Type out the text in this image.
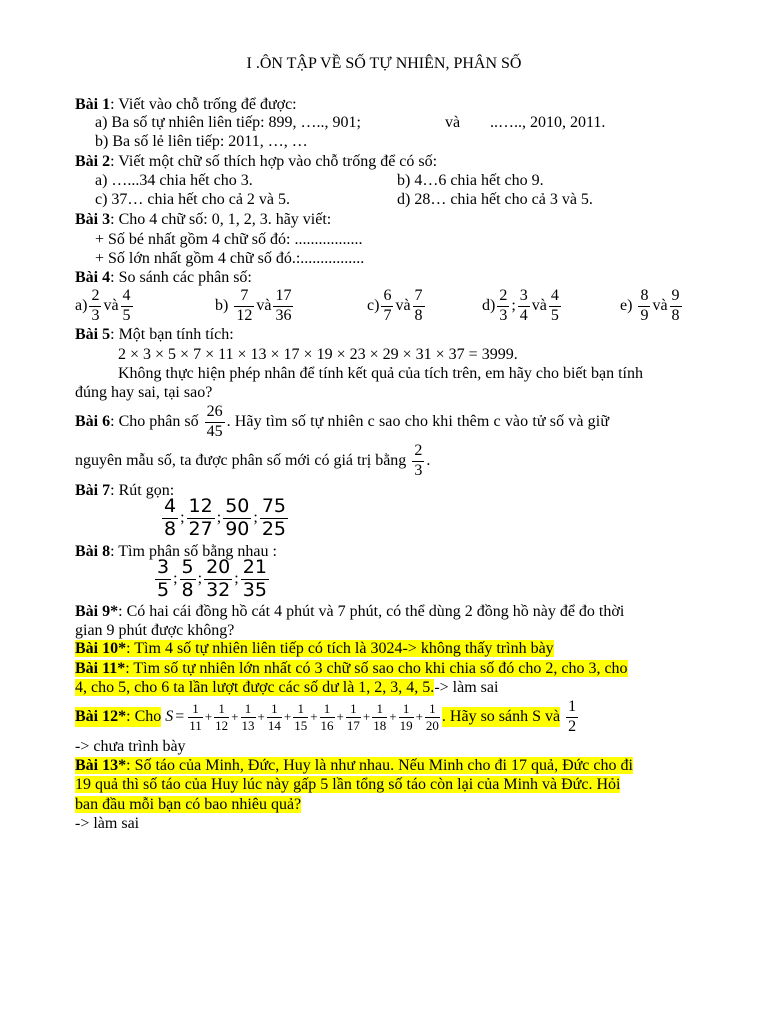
I .ÔN TẬP VỀ SỐ TỰ NHIÊN, PHÂN SỐ
Bài 1: Viết vào chỗ trống để được:
a) Ba số tự nhiên liên tiếp: 899, ….., 901;	và ..….., 2010, 2011.
b) Ba số lẻ liên tiếp: 2011, …, …
Bài 2: Viết một chữ số thích hợp vào chỗ trống để có số:
a) …...34 chia hết cho 3.	b) 4…6 chia hết cho 9.
c) 37… chia hết cho cả 2 và 5.	d) 28… chia hết cho cả 3 và 5.
Bài 3: Cho 4 chữ số: 0, 1, 2, 3. hãy viết:
+ Số bé nhất gồm 4 chữ số đó: .................
+ Số lớn nhất gồm 4 chữ số đó.:................
Bài 4: So sánh các phân số:
a)
2
3
và
4
5
b)

7
12
và
17
36
c)
6
7
và
7
8
d)
2
3
;
3
4
và
4
5
e)

8
9
và
9
8
Bài 5: Một bạn tính tích:
2 × 3 × 5 × 7 × 11 × 13 × 17 × 19 × 23 × 29 × 31 × 37 = 3999.
Không thực hiện phép nhân để tính kết quả của tích trên, em hãy cho biết bạn tính
đúng hay sai, tại sao?
Bài 6 : Cho phân số

26
45
. Hãy tìm số tự nhiên c sao cho khi thêm c vào tử số và giữ
nguyên mẫu số, ta được phân số mới có giá trị bằng

2
3
.
Bài 7: Rút gọn:
4
8 ;
12
27 ;
50
90 ;
75
25
Bài 8: Tìm phân số bằng nhau :
3
5 ;
5
8 ;
20
32 ;
21
35
Bài 9*: Có hai cái đồng hồ cát 4 phút và 7 phút, có thể dùng 2 đồng hồ này để đo thời
gian 9 phút được không?
Bài 10*: Tìm 4 số tự nhiên liên tiếp có tích là 3024-> không thấy trình bày
Bài 11*: Tìm số tự nhiên lớn nhất có 3 chữ số sao cho khi chia số đó cho 2, cho 3, cho
4, cho 5, cho 6 ta lần lượt được các số dư là 1, 2, 3, 4, 5.-> làm sai
Bài 12*: Cho
$S = \frac{1}{11} + \frac{1}{12} + \frac{1}{13} + \frac{1}{14} + \frac{1}{15} + \frac{1}{16} + \frac{1}{17} + \frac{1}{18} + \frac{1}{19} + \frac{1}{20}$ . Hãy so sánh S và

1
2
-> chưa trình bày
Bài 13*: Số táo của Minh, Đức, Huy là như nhau. Nếu Minh cho đi 17 quả, Đức cho đi
19 quả thì số táo của Huy lúc này gấp 5 lần tổng số táo còn lại của Minh và Đức. Hỏi
ban đầu mỗi bạn có bao nhiêu quả?
-> làm sai
